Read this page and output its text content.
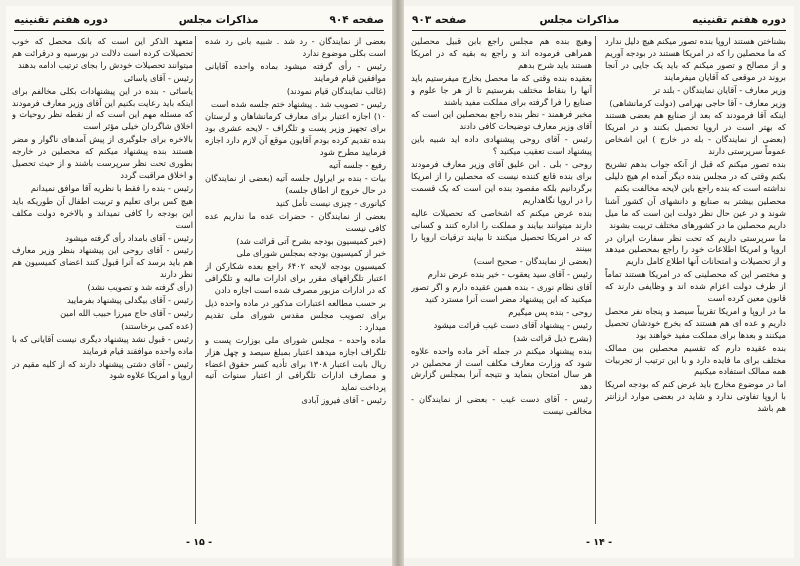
صفحه ۹۰۴
مذاکرات مجلس
دوره هفتم تقنینیه

بعضی از نمایندگان - رد شد . شبیه بانی رد شده است بکلی موضوع ندارد

رئیس - رأی گرفته میشود بماده واحده آقایانی موافقین قیام فرمایند

(غالب نمایندگان قیام نمودند)

رئیس - تصویب شد . پیشنهاد ختم جلسه شده است

۱۰) اجازه اعتبار برای معارف کرمانشاهان و لرستان برای تجهیز وزیر پست و تلگراف - لایحه عشری بود بنده تقدیم کرده بودم آقایون موقع آن لازم دارد اجازه فرمایید مطرح شود

رفیع - جلسه آتیه

بیات - بنده بر ایراول جلسه آتیه (بعضی از نمایندگان در حال خروج از اطاق جلسه)

کیانوری - چیزی نیست تأمل کنید

بعضی از نمایندگان - حضرات عده ما نداریم عده کافی نیست

(خبر کمیسیون بودجه بشرح آتی قرائت شد)

خبر از کمیسیون بودجه بمجلس شورای ملی

کمیسیون بودجه لایحه ۶۴۰۲ راجع بعده شکارکن از اعتبار تلگرافهای مقرر برای ادارات مالیه و تلگرافی که در ادارات مزبور مصرف شده است اجازه دادن

بر حسب مطالعه اعتبارات مذکور در ماده واحده ذیل برای تصویب مجلس مقدس شورای ملی تقدیم میدارد :

ماده واحده - مجلس شورای ملی بوزارت پست و تلگراف اجازه میدهد اعتبار بمبلغ سیصد و چهل هزار ریال بابت اعتبار ۱۳۰۸ برای تأدیه کسر حقوق اعضاء و مصارف ادارات تلگرافی از اعتبار سنوات آتیه پرداخت نماید

رئیس - آقای فیروز آبادی

متعهد الذکر این است که بانک محصل که خوب تحصیلات کرده است دلالت در بورسیه و درقرائت هم میتوانند تحصیلات خودش را بجای ترتیب ادامه بدهند

رئیس - آقای یاسائی

یاسائی - بنده در این پیشنهادات بکلی مخالفم برای اینکه باید رعایت بکنیم این آقای وزیر معارف فرمودند که مسئله مهم این است که از نقطه نظر روحیات و اخلاق شاگردان خیلی مؤثر است

بالاخره برای جلوگیری از پیش آمدهای ناگوار و مضر هستند بنده پیشنهاد میکنم که محصلین در خارجه بطوری تحت نظر سرپرست باشند و از حیث تحصیل و اخلاق مراقبت گردد

رئیس - بنده را فقط با نظریه آقا موافق نمیدانم

هیچ کس برای تعلیم و تربیت اطفال آن طوریکه باید این بودجه را کافی نمیداند و بالاخره دولت مکلف است

رئیس - آقای بامداد رأی گرفته میشود

رئیس - آقای روحی این پیشنهاد بنظر وزیر معارف هم باید برسد که آنرا قبول کنند اعضای کمیسیون هم نظر دارند

(رأی گرفته شد و تصویب نشد)

رئیس - آقای بیگدلی پیشنهاد بفرمایید

رئیس - آقای حاج میرزا حبیب الله امین

(عده کمی برخاستند)

رئیس - قبول نشد پیشنهاد دیگری نیست آقایانی که با ماده واحده موافقند قیام فرمایند

رئیس - آقای دشتی پیشنهاد دارند که از کلیه مقیم در اروپا و امریکا علاوه شود

- ۱۵ -
دوره هفتم تقنینیه
مذاکرات مجلس
صفحه ۹۰۳

بشناختن هستند اروپا بنده تصور میکنم هیچ دلیل ندارد که ما محصلین را که در امریکا هستند در بودجه آوریم و از مصالح و تصور میکنم که باید یک جایی در آنجا بروند در موقعی که آقایان میفرمایند

وزیر معارف - آقایان نمایندگان - بلند تر

وزیر معارف - آقا حاجی بهرامی (دولت کرمانشاهی)

اینکه آقا فرمودند که بعد از صنایع هم بعضی هستند که بهتر است در اروپا تحصیل بکنند و در امریکا (بعضی از نمایندگان - بله در خارج ) این اشخاص عموماً سرپرستی دارند

بنده تصور میکنم که قبل از آنکه جواب بدهم تشریح بکنم وقتی که در مجلس بنده دیگر آمده ام هیچ دلیلی نداشته است که بنده راجع باین لایحه مخالفت بکنم

محصلین بیشتر به صنایع و دانشهای آن کشور آشنا شوند و در عین حال نظر دولت این است که ما میل داریم محصلین ما در کشورهای مختلف تربیت بشوند

ما سرپرستی داریم که تحت نظر سفارت ایران در اروپا و امریکا اطلاعات خود را راجع بمحصلین میدهد و از تحصیلات و امتحانات آنها اطلاع کامل داریم

و مختصر این که محصلینی که در امریکا هستند تماماً از طرف دولت اعزام شده اند و وظایفی دارند که قانون معین کرده است

ما در اروپا و امریکا تقریباً سیصد و پنجاه نفر محصل داریم و عده ای هم هستند که بخرج خودشان تحصیل میکنند و بعدها برای مملکت مفید خواهند بود

بنده عقیده دارم که تقسیم محصلین بین ممالک مختلف برای ما فایده دارد و با این ترتیب از تجربیات همه ممالک استفاده میکنیم

اما در موضوع مخارج باید عرض کنم که بودجه امریکا با اروپا تفاوتی ندارد و شاید در بعضی موارد ارزانتر هم باشد

وهیچ بنده هم مجلس راجع بابن قبیل محصلین همراهی فرموده اند و راجع به بقیه که در امریکا هستند باید شرح بدهم

بعقیده بنده وقتی که ما محصل بخارج میفرستیم باید آنها را بنقاط مختلف بفرستیم تا از هر جا علوم و صنایع را فرا گرفته برای مملکت مفید باشند

مخبر فرهمند - نظر بنده راجع بمحصلین این است که آقای وزیر معارف توضیحات کافی دادند

رئیس - آقای روحی پیشنهادی داده اید شبیه باین پیشنهاد است تعقیب میکنید ؟

روحی - بلی . ابن علیق آقای وزیر معارف فرمودند برای بنده قانع کننده نیست که محصلین را از امریکا برگردانیم بلکه مقصود بنده این است که یک قسمت را در اروپا نگاهداریم

بنده عرض میکنم که اشخاصی که تحصیلات عالیه دارند میتوانند بیایند و مملکت را اداره کنند و کسانی که در امریکا تحصیل میکنند تا بیایند ترقیات اروپا را ببینند

(بعضی از نمایندگان - صحیح است)

رئیس - آقای سید یعقوب - خیر بنده عرض ندارم

آقای نظام نوری - بنده همین عقیده دارم و اگر تصور میکنید که این پیشنهاد مضر است آنرا مسترد کنید

روحی - بنده پس میگیرم

رئیس - پیشنهاد آقای دست غیب قرائت میشود

(بشرح ذیل قرائت شد)

بنده پیشنهاد میکنم در جمله آخر ماده واحده علاوه شود که وزارت معارف مکلف است از محصلین در هر سال امتحان بنماید و نتیجه آنرا بمجلس گزارش دهد

رئیس - آقای دست غیب - بعضی از نمایندگان - مخالفی نیست

- ۱۴ -
